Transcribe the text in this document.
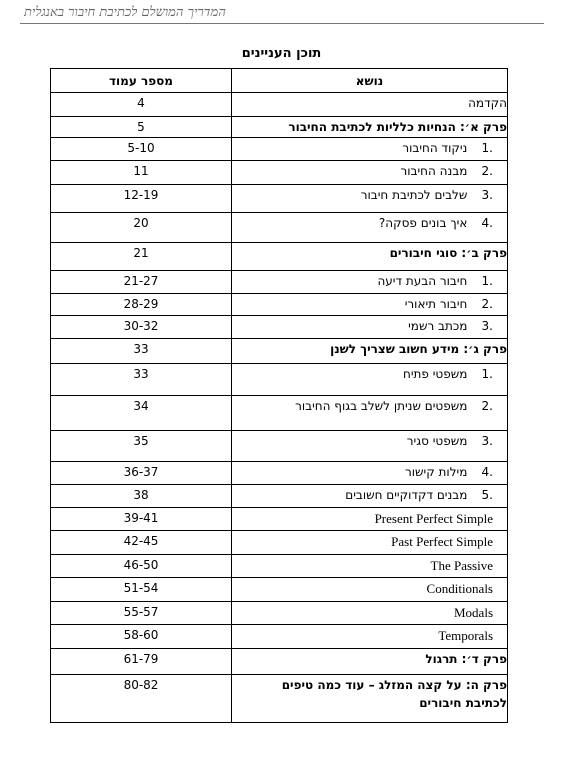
המדריך המושלם לכתיבת חיבור באנגלית
תוכן העניינים
מספר עמוד	נושא
4	הקדמה
5	פרק א׳: הנחיות כלליות לכתיבת החיבור
5-10	.1  ניקוד החיבור
11	.2  מבנה החיבור
12-19	.3  שלבים לכתיבת חיבור
20	.4  איך בונים פסקה?
21	פרק ב׳: סוגי חיבורים
21-27	.1  חיבור הבעת דיעה
28-29	.2  חיבור תיאורי
30-32	.3  מכתב רשמי
33	פרק ג׳: מידע חשוב שצריך לשנן
33	.1  משפטי פתיח
34	.2  משפטים שניתן לשלב בגוף החיבור
35	.3  משפטי סגיר
36-37	.4  מילות קישור
38	.5  מבנים דקדוקיים חשובים
39-41	Present Perfect Simple
42-45	Past Perfect Simple
46-50	The Passive
51-54	Conditionals
55-57	Modals
58-60	Temporals
61-79	פרק ד׳: תרגול
80-82	פרק ה: על קצה המזלג – עוד כמה טיפים
לכתיבת חיבורים
